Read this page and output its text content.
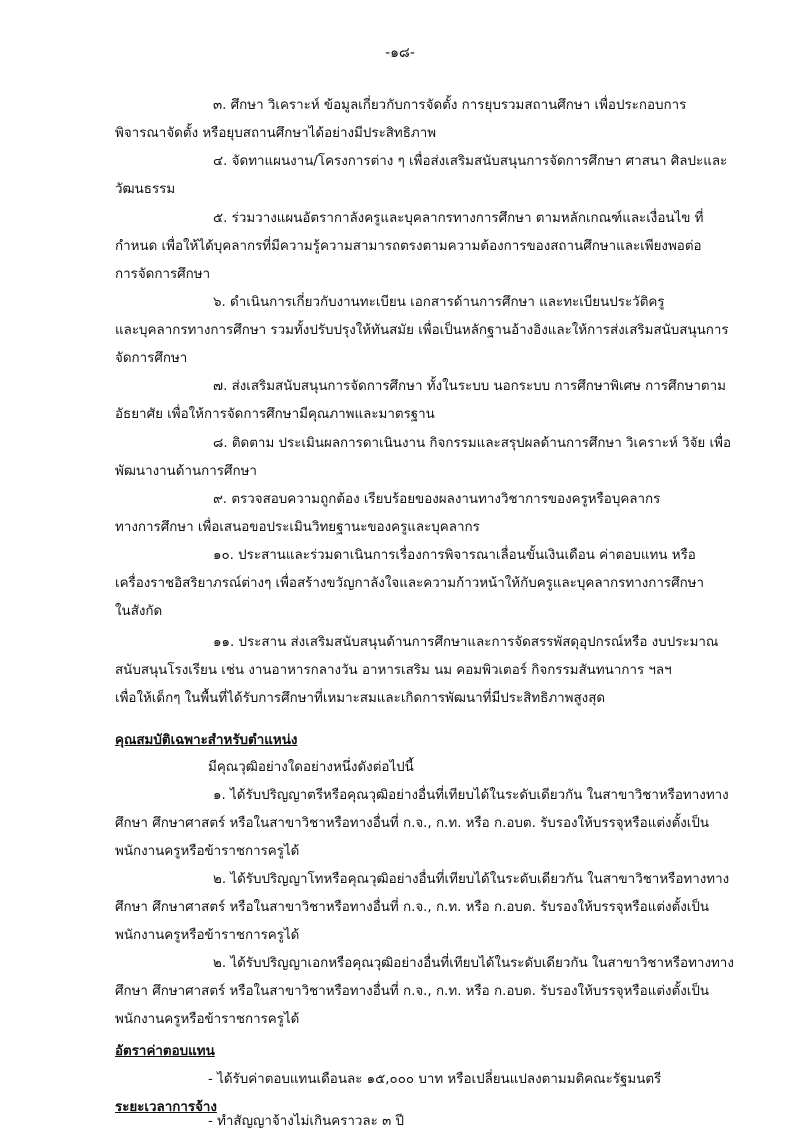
-๑๘-
๓. ศึกษา วิเคราะห์ ข้อมูลเกี่ยวกับการจัดตั้ง การยุบรวมสถานศึกษา เพื่อประกอบการ
พิจารณาจัดตั้ง หรือยุบสถานศึกษาได้อย่างมีประสิทธิภาพ
๔. จัดทาแผนงาน/โครงการต่าง ๆ เพื่อส่งเสริมสนับสนุนการจัดการศึกษา ศาสนา ศิลปะและ
วัฒนธรรม
๕. ร่วมวางแผนอัตรากาลังครูและบุคลากรทางการศึกษา ตามหลักเกณฑ์และเงื่อนไข ที่
กำหนด เพื่อให้ได้บุคลากรที่มีความรู้ความสามารถตรงตามความต้องการของสถานศึกษาและเพียงพอต่อ
การจัดการศึกษา
๖. ดำเนินการเกี่ยวกับงานทะเบียน เอกสารด้านการศึกษา และทะเบียนประวัติครู
และบุคลากรทางการศึกษา รวมทั้งปรับปรุงให้ทันสมัย เพื่อเป็นหลักฐานอ้างอิงและให้การส่งเสริมสนับสนุนการ
จัดการศึกษา
๗. ส่งเสริมสนับสนุนการจัดการศึกษา ทั้งในระบบ นอกระบบ การศึกษาพิเศษ การศึกษาตาม
อัธยาศัย เพื่อให้การจัดการศึกษามีคุณภาพและมาตรฐาน
๘. ติดตาม ประเมินผลการดาเนินงาน กิจกรรมและสรุปผลด้านการศึกษา วิเคราะห์ วิจัย เพื่อ
พัฒนางานด้านการศึกษา
๙. ตรวจสอบความถูกต้อง เรียบร้อยของผลงานทางวิชาการของครูหรือบุคลากร
ทางการศึกษา เพื่อเสนอขอประเมินวิทยฐานะของครูและบุคลากร
๑๐. ประสานและร่วมดาเนินการเรื่องการพิจารณาเลื่อนขั้นเงินเดือน ค่าตอบแทน หรือ
เครื่องราชอิสริยาภรณ์ต่างๆ เพื่อสร้างขวัญกาลังใจและความก้าวหน้าให้กับครูและบุคลากรทางการศึกษา
ในสังกัด
๑๑. ประสาน ส่งเสริมสนับสนุนด้านการศึกษาและการจัดสรรพัสดุอุปกรณ์หรือ งบประมาณ
สนับสนุนโรงเรียน เช่น งานอาหารกลางวัน อาหารเสริม นม คอมพิวเตอร์ กิจกรรมสันทนาการ ฯลฯ
เพื่อให้เด็กๆ ในพื้นที่ได้รับการศึกษาที่เหมาะสมและเกิดการพัฒนาที่มีประสิทธิภาพสูงสุด
คุณสมบัติเฉพาะสำหรับตำแหน่ง
มีคุณวุฒิอย่างใดอย่างหนึ่งดังต่อไปนี้
๑. ได้รับปริญญาตรีหรือคุณวุฒิอย่างอื่นที่เทียบได้ในระดับเดียวกัน ในสาขาวิชาหรือทางทาง
ศึกษา ศึกษาศาสตร์ หรือในสาขาวิชาหรือทางอื่นที่ ก.จ., ก.ท. หรือ ก.อบต. รับรองให้บรรจุหรือแต่งตั้งเป็น
พนักงานครูหรือข้าราชการครูได้
๒. ได้รับปริญญาโทหรือคุณวุฒิอย่างอื่นที่เทียบได้ในระดับเดียวกัน ในสาขาวิชาหรือทางทาง
ศึกษา ศึกษาศาสตร์ หรือในสาขาวิชาหรือทางอื่นที่ ก.จ., ก.ท. หรือ ก.อบต. รับรองให้บรรจุหรือแต่งตั้งเป็น
พนักงานครูหรือข้าราชการครูได้
๒. ได้รับปริญญาเอกหรือคุณวุฒิอย่างอื่นที่เทียบได้ในระดับเดียวกัน ในสาขาวิชาหรือทางทาง
ศึกษา ศึกษาศาสตร์ หรือในสาขาวิชาหรือทางอื่นที่ ก.จ., ก.ท. หรือ ก.อบต. รับรองให้บรรจุหรือแต่งตั้งเป็น
พนักงานครูหรือข้าราชการครูได้
อัตราค่าตอบแทน
- ได้รับค่าตอบแทนเดือนละ ๑๕,๐๐๐ บาท หรือเปลี่ยนแปลงตามมติคณะรัฐมนตรี
ระยะเวลาการจ้าง
- ทำสัญญาจ้างไม่เกินคราวละ ๓ ปี
